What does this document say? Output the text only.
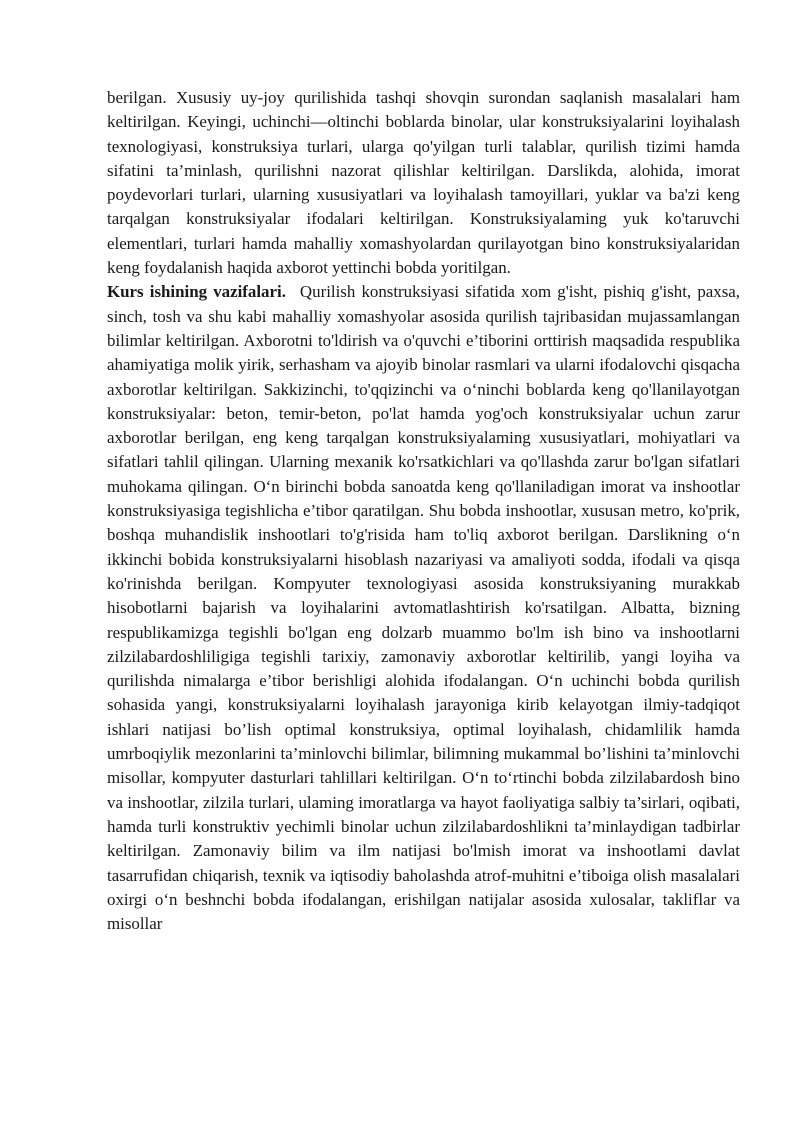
berilgan. Xususiy uy-joy qurilishida tashqi shovqin surondan saqlanish masalalari ham keltirilgan. Keyingi, uchinchi—oltinchi boblarda binolar, ular konstruksiyalarini loyihalash texnologiyasi, konstruksiya turlari, ularga qo'yilgan turli talablar, qurilish tizimi hamda sifatini ta’minlash, qurilishni nazorat qilishlar keltirilgan. Darslikda, alohida, imorat poydevorlari turlari, ularning xususiyatlari va loyihalash tamoyillari, yuklar va ba'zi keng tarqalgan konstruksiyalar ifodalari keltirilgan. Konstruksiyalaming yuk ko'taruvchi elementlari, turlari hamda mahalliy xomashyolardan qurilayotgan bino konstruksiyalaridan keng foydalanish haqida axborot yettinchi bobda yoritilgan.

Kurs ishining vazifalari. Qurilish konstruksiyasi sifatida xom g'isht, pishiq g'isht, paxsa, sinch, tosh va shu kabi mahalliy xomashyolar asosida qurilish tajribasidan mujassamlangan bilimlar keltirilgan. Axborotni to'ldirish va o'quvchi e’tiborini orttirish maqsadida respublika ahamiyatiga molik yirik, serhasham va ajoyib binolar rasmlari va ularni ifodalovchi qisqacha axborotlar keltirilgan. Sakkizinchi, to'qqizinchi va o‘ninchi boblarda keng qo'llanilayotgan konstruksiyalar: beton, temir-beton, po'lat hamda yog'och konstruksiyalar uchun zarur axborotlar berilgan, eng keng tarqalgan konstruksiyalaming xususiyatlari, mohiyatlari va sifatlari tahlil qilingan. Ularning mexanik ko'rsatkichlari va qo'llashda zarur bo'lgan sifatlari muhokama qilingan. O‘n birinchi bobda sanoatda keng qo'llaniladigan imorat va inshootlar konstruksiyasiga tegishlicha e’tibor qaratilgan. Shu bobda inshootlar, xususan metro, ko'prik, boshqa muhandislik inshootlari to'g'risida ham to'liq axborot berilgan. Darslikning o‘n ikkinchi bobida konstruksiyalarni hisoblash nazariyasi va amaliyoti sodda, ifodali va qisqa ko'rinishda berilgan. Kompyuter texnologiyasi asosida konstruksiyaning murakkab hisobotlarni bajarish va loyihalarini avtomatlashtirish ko'rsatilgan. Albatta, bizning respublikamizga tegishli bo'lgan eng dolzarb muammo bo'lm ish bino va inshootlarni zilzilabardoshliligiga tegishli tarixiy, zamonaviy axborotlar keltirilib, yangi loyiha va qurilishda nimalarga e’tibor berishligi alohida ifodalangan. O‘n uchinchi bobda qurilish sohasida yangi, konstruksiyalarni loyihalash jarayoniga kirib kelayotgan ilmiy-tadqiqot ishlari natijasi bo’lish optimal konstruksiya, optimal loyihalash, chidamlilik hamda umrboqiylik mezonlarini ta’minlovchi bilimlar, bilimning mukammal bo’lishini ta’minlovchi misollar, kompyuter dasturlari tahlillari keltirilgan. O‘n to‘rtinchi bobda zilzilabardosh bino va inshootlar, zilzila turlari, ulaming imoratlarga va hayot faoliyatiga salbiy ta’sirlari, oqibati, hamda turli konstruktiv yechimli binolar uchun zilzilabardoshlikni ta’minlaydigan tadbirlar keltirilgan. Zamonaviy bilim va ilm natijasi bo'lmish imorat va inshootlami davlat tasarrufidan chiqarish, texnik va iqtisodiy baholashda atrof-muhitni e’tiboiga olish masalalari oxirgi o‘n beshnchi bobda ifodalangan, erishilgan natijalar asosida xulosalar, takliflar va misollar
